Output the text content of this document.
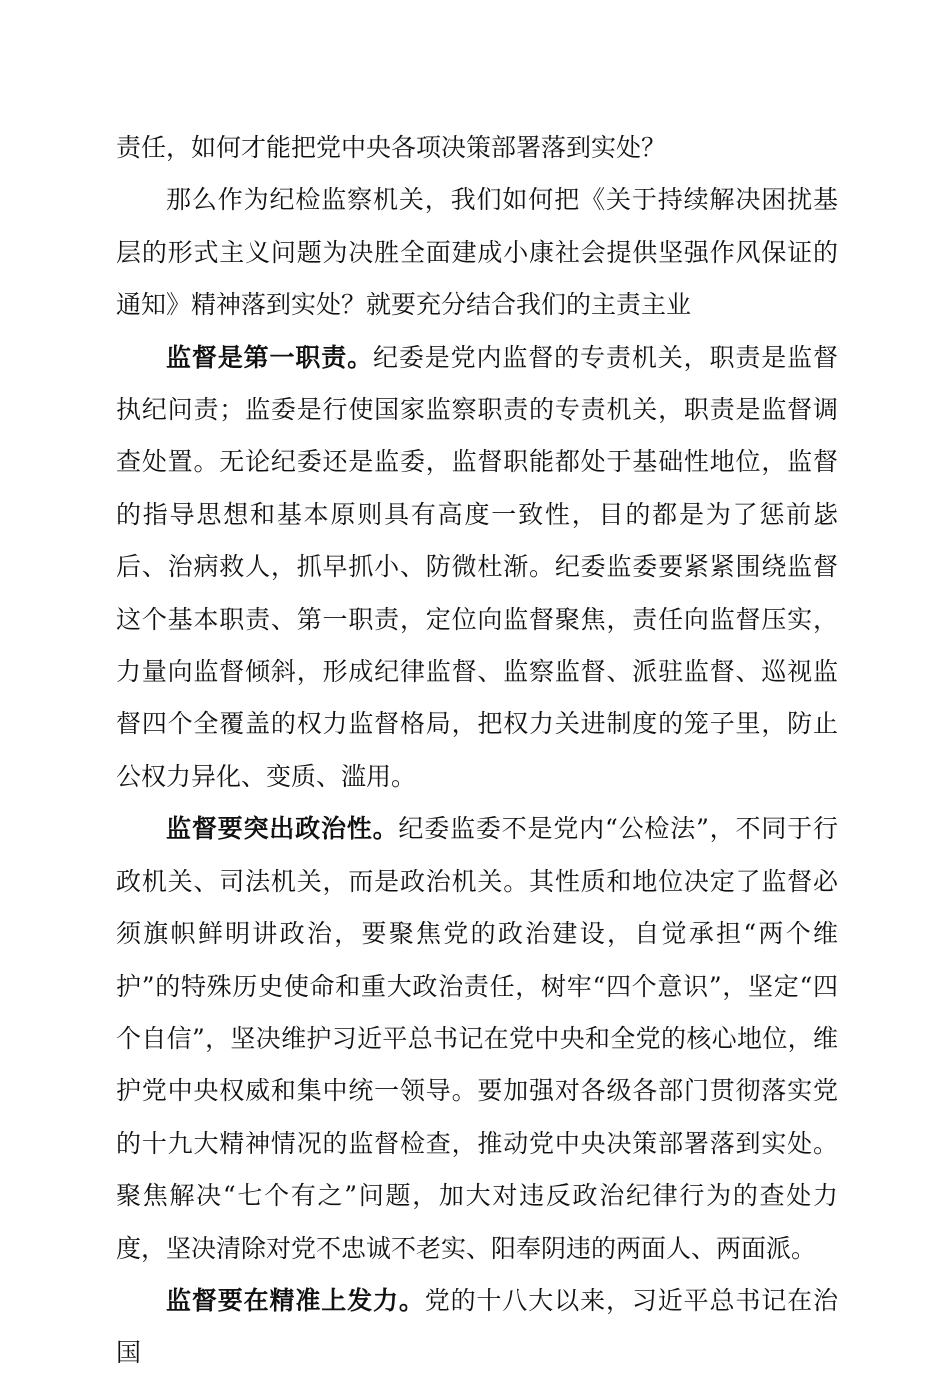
责任，如何才能把党中央各项决策部署落到实处？

那么作为纪检监察机关，我们如何把《关于持续解决困扰基层的形式主义问题为决胜全面建成小康社会提供坚强作风保证的通知》精神落到实处？就要充分结合我们的主责主业

监督是第一职责。纪委是党内监督的专责机关，职责是监督执纪问责；监委是行使国家监察职责的专责机关，职责是监督调查处置。无论纪委还是监委，监督职能都处于基础性地位，监督的指导思想和基本原则具有高度一致性，目的都是为了惩前毖后、治病救人，抓早抓小、防微杜渐。纪委监委要紧紧围绕监督这个基本职责、第一职责，定位向监督聚焦，责任向监督压实，力量向监督倾斜，形成纪律监督、监察监督、派驻监督、巡视监督四个全覆盖的权力监督格局，把权力关进制度的笼子里，防止公权力异化、变质、滥用。

监督要突出政治性。纪委监委不是党内“公检法”，不同于行政机关、司法机关，而是政治机关。其性质和地位决定了监督必须旗帜鲜明讲政治，要聚焦党的政治建设，自觉承担“两个维护”的特殊历史使命和重大政治责任，树牢“四个意识”，坚定“四个自信”，坚决维护习近平总书记在党中央和全党的核心地位，维护党中央权威和集中统一领导。要加强对各级各部门贯彻落实党的十九大精神情况的监督检查，推动党中央决策部署落到实处。聚焦解决“七个有之”问题，加大对违反政治纪律行为的查处力度，坚决清除对党不忠诚不老实、阳奉阴违的两面人、两面派。

监督要在精准上发力。党的十八大以来，习近平总书记在治国
